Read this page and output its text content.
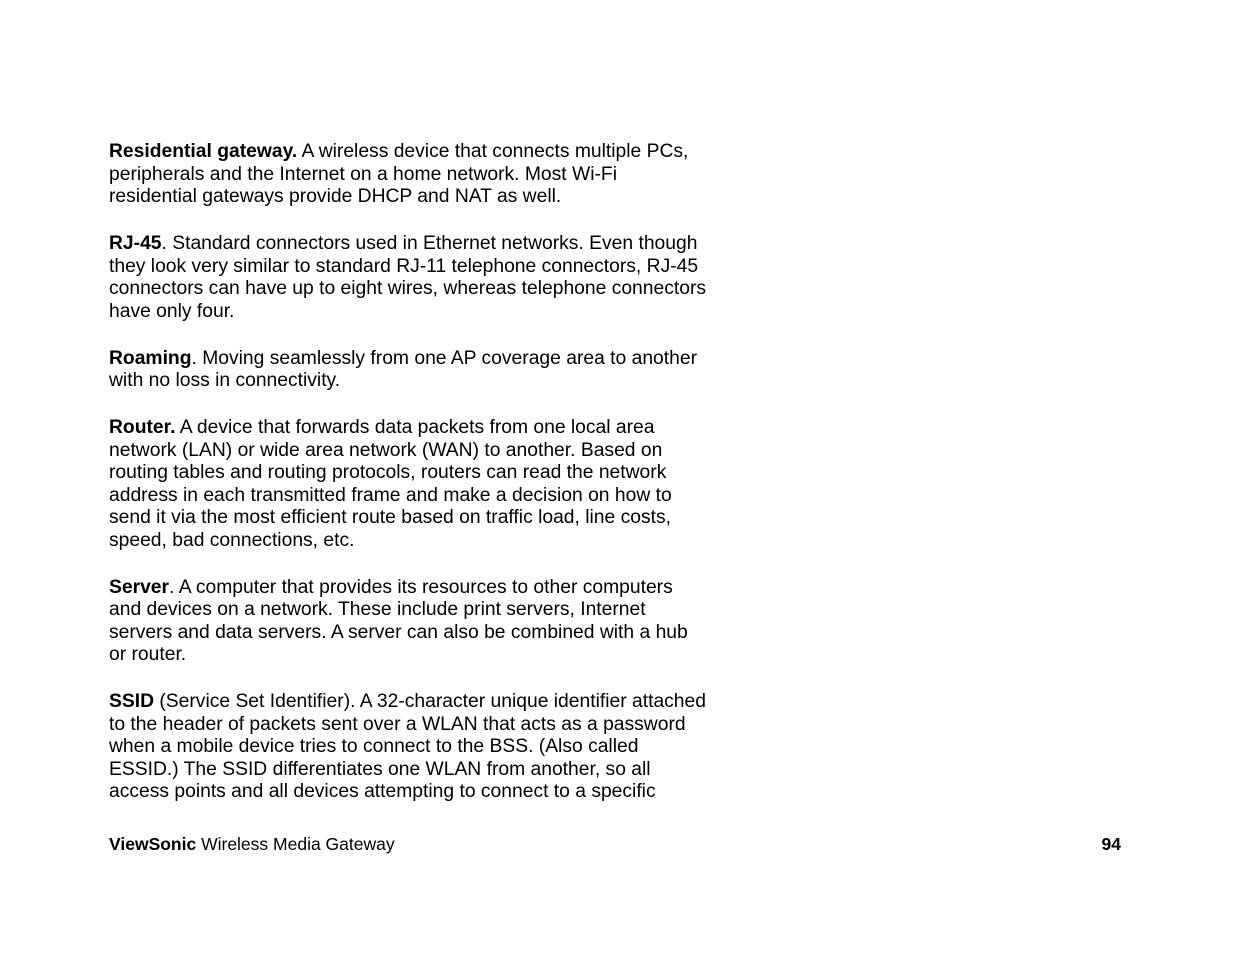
Residential gateway. A wireless device that connects multiple PCs, peripherals and the Internet on a home network. Most Wi-Fi residential gateways provide DHCP and NAT as well.

RJ-45. Standard connectors used in Ethernet networks. Even though they look very similar to standard RJ-11 telephone connectors, RJ-45 connectors can have up to eight wires, whereas telephone connectors have only four.

Roaming. Moving seamlessly from one AP coverage area to another with no loss in connectivity.

Router. A device that forwards data packets from one local area network (LAN) or wide area network (WAN) to another. Based on routing tables and routing protocols, routers can read the network address in each transmitted frame and make a decision on how to send it via the most efficient route based on traffic load, line costs, speed, bad connections, etc.

Server. A computer that provides its resources to other computers and devices on a network. These include print servers, Internet servers and data servers. A server can also be combined with a hub or router.

SSID (Service Set Identifier). A 32-character unique identifier attached to the header of packets sent over a WLAN that acts as a password when a mobile device tries to connect to the BSS. (Also called ESSID.) The SSID differentiates one WLAN from another, so all access points and all devices attempting to connect to a specific

ViewSonic Wireless Media Gateway	94
